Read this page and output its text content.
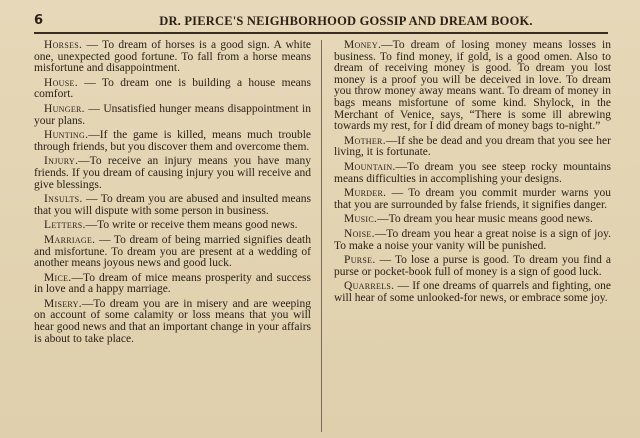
6	DR. PIERCE'S NEIGHBORHOOD GOSSIP AND DREAM BOOK.

Horses. — To dream of horses is a good sign. A white one, unexpected good fortune. To fall from a horse means misfortune and disappointment.

House. — To dream one is building a house means comfort.

Hunger. — Unsatisfied hunger means disappointment in your plans.

Hunting.—If the game is killed, means much trouble through friends, but you discover them and overcome them.

Injury.—To receive an injury means you have many friends. If you dream of causing injury you will receive and give blessings.

Insults. — To dream you are abused and insulted means that you will dispute with some person in business.

Letters.—To write or receive them means good news.

Marriage. — To dream of being married signifies death and misfortune. To dream you are present at a wedding of another means joyous news and good luck.

Mice.—To dream of mice means prosperity and success in love and a happy marriage.

Misery.—To dream you are in misery and are weeping on account of some calamity or loss means that you will hear good news and that an important change in your affairs is about to take place.

Money.—To dream of losing money means losses in business. To find money, if gold, is a good omen. Also to dream of receiving money is good. To dream you lost money is a proof you will be deceived in love. To dream you throw money away means want. To dream of money in bags means misfortune of some kind. Shylock, in the Merchant of Venice, says, “There is some ill abrewing towards my rest, for I did dream of money bags to-night.”

Mother.—If she be dead and you dream that you see her living, it is fortunate.

Mountain.—To dream you see steep rocky mountains means difficulties in accomplishing your designs.

Murder. — To dream you commit murder warns you that you are surrounded by false friends, it signifies danger.

Music.—To dream you hear music means good news.

Noise.—To dream you hear a great noise is a sign of joy. To make a noise your vanity will be punished.

Purse. — To lose a purse is good. To dream you find a purse or pocket-book full of money is a sign of good luck.

Quarrels. — If one dreams of quarrels and fighting, one will hear of some unlooked-for news, or embrace some joy.
